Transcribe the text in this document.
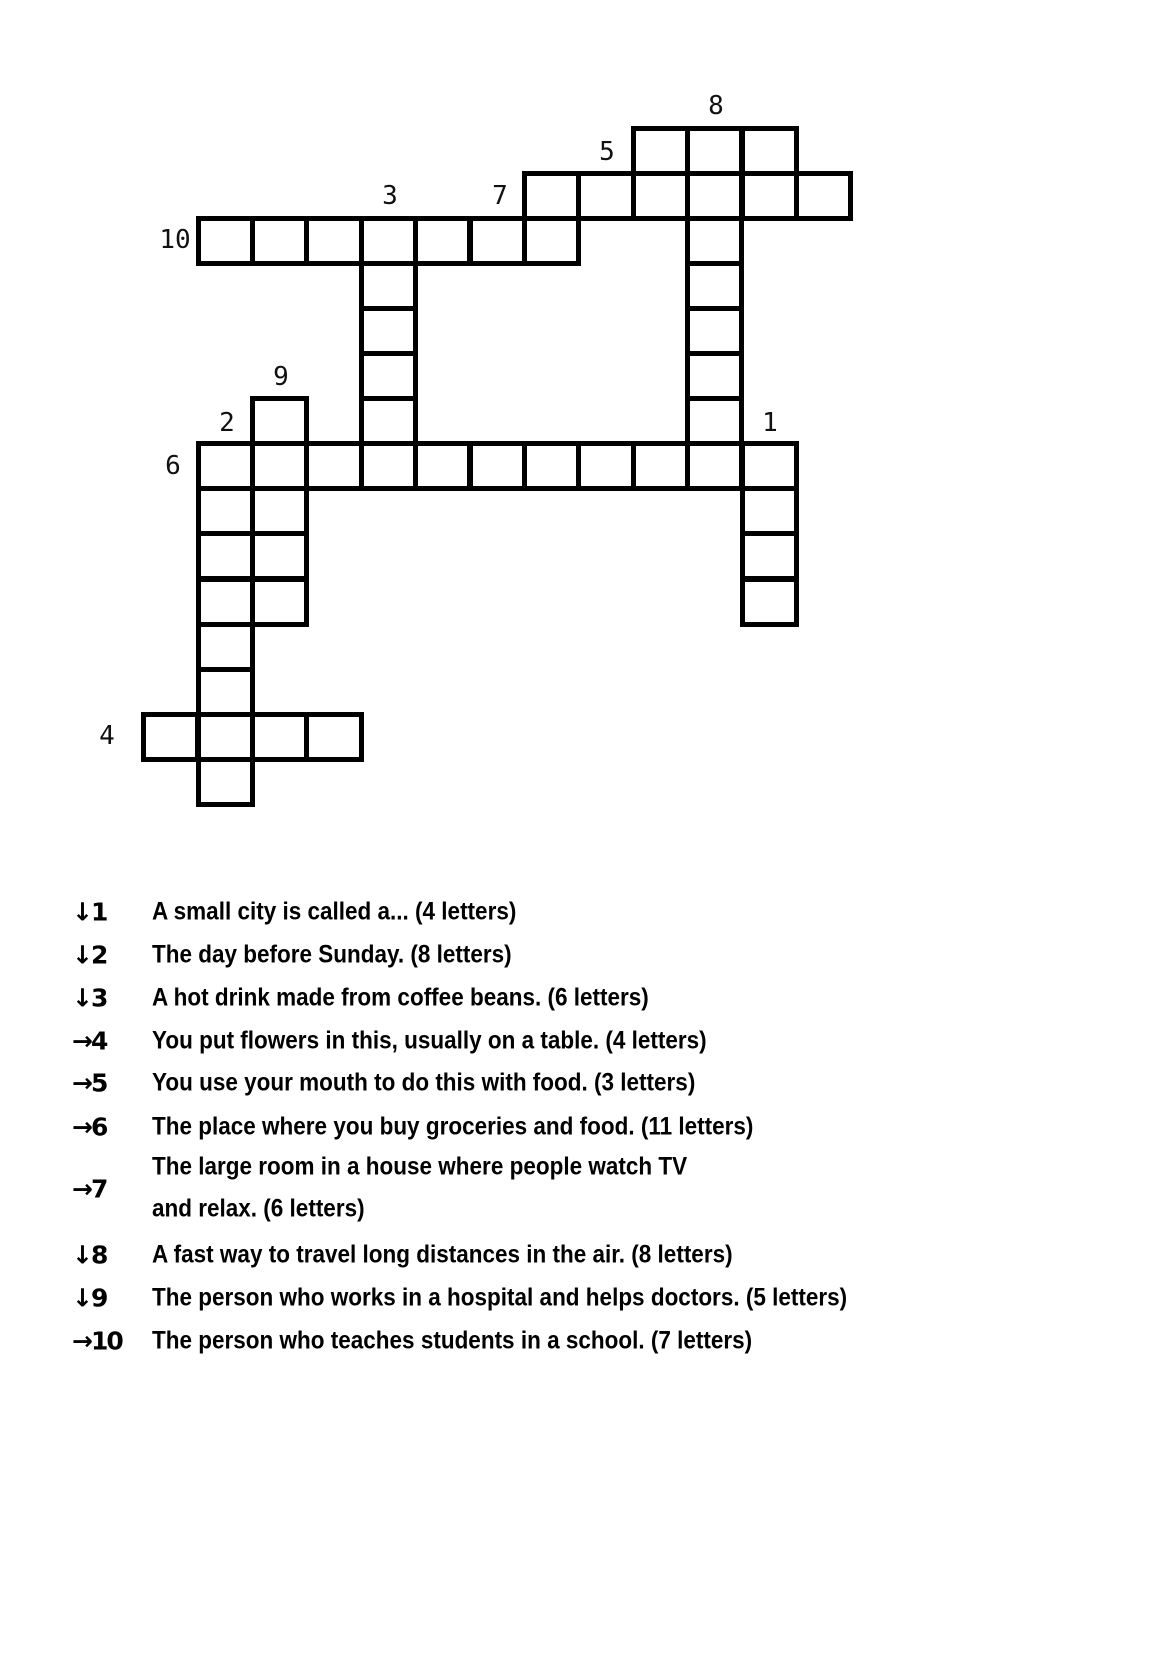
8
5
3	7
10
9
2	1
6
4
↓1 A small city is called a... (4 letters)
↓2 The day before Sunday. (8 letters)
↓3 A hot drink made from coffee beans. (6 letters)
→4 You put flowers in this, usually on a table. (4 letters)
→5 You use your mouth to do this with food. (3 letters)
→6 The place where you buy groceries and food. (11 letters)
→7
The large room in a house where people watch TV
and relax. (6 letters)
↓8 A fast way to travel long distances in the air. (8 letters)
↓9 The person who works in a hospital and helps doctors. (5 letters)
→10 The person who teaches students in a school. (7 letters)
